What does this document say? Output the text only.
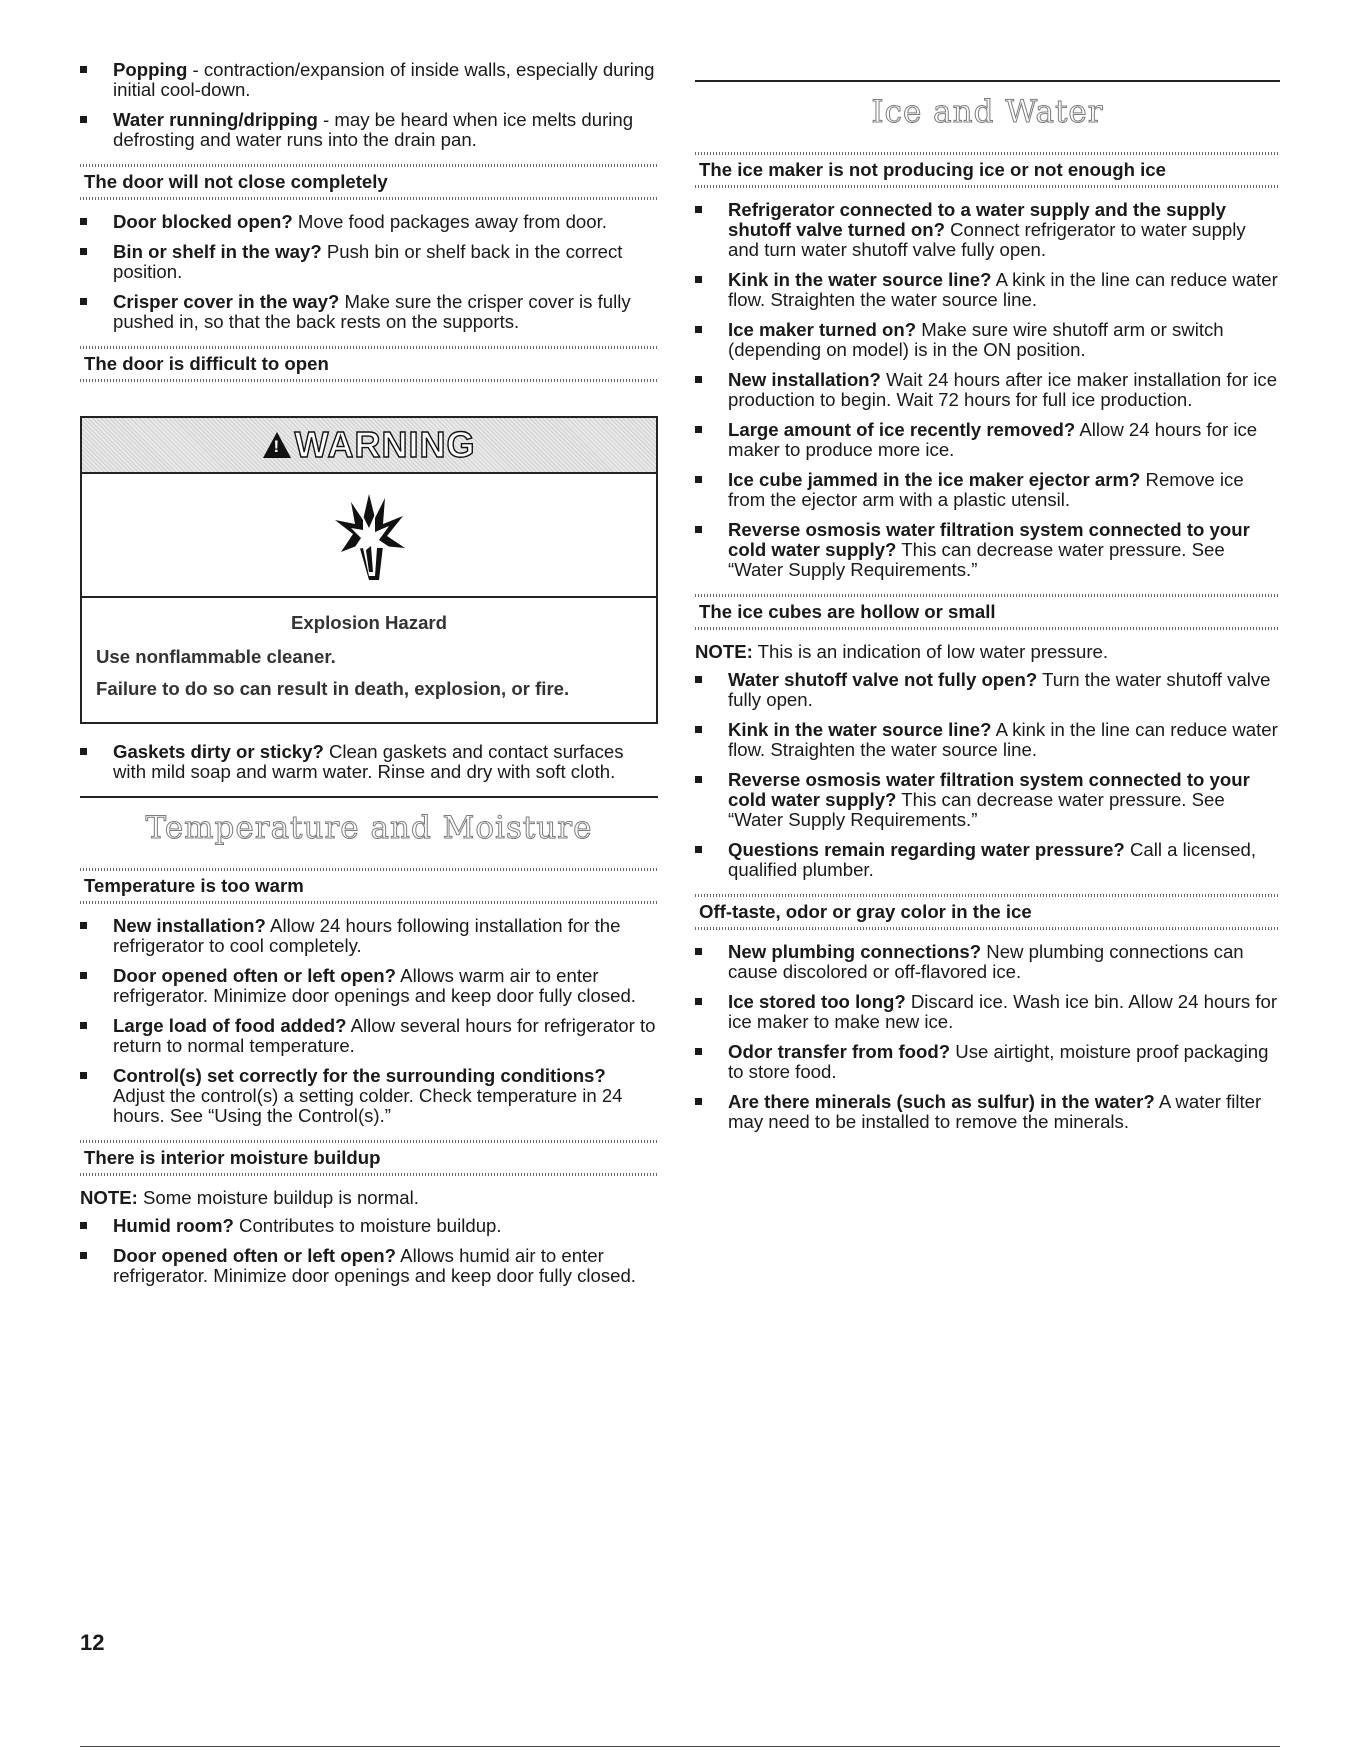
Popping - contraction/expansion of inside walls, especially during initial cool-down.
Water running/dripping - may be heard when ice melts during defrosting and water runs into the drain pan.
The door will not close completely
Door blocked open? Move food packages away from door.
Bin or shelf in the way? Push bin or shelf back in the correct position.
Crisper cover in the way? Make sure the crisper cover is fully pushed in, so that the back rests on the supports.
The door is difficult to open
!
WARNING
Explosion Hazard

Use nonflammable cleaner.

Failure to do so can result in death, explosion, or fire.

Gaskets dirty or sticky? Clean gaskets and contact surfaces with mild soap and warm water. Rinse and dry with soft cloth.
Temperature and Moisture
Temperature is too warm
New installation? Allow 24 hours following installation for the refrigerator to cool completely.
Door opened often or left open? Allows warm air to enter refrigerator. Minimize door openings and keep door fully closed.
Large load of food added? Allow several hours for refrigerator to return to normal temperature.
Control(s) set correctly for the surrounding conditions? Adjust the control(s) a setting colder. Check temperature in 24 hours. See “Using the Control(s).”
There is interior moisture buildup

NOTE: Some moisture buildup is normal.

Humid room? Contributes to moisture buildup.
Door opened often or left open? Allows humid air to enter refrigerator. Minimize door openings and keep door fully closed.
Ice and Water
The ice maker is not producing ice or not enough ice
Refrigerator connected to a water supply and the supply shutoff valve turned on? Connect refrigerator to water supply and turn water shutoff valve fully open.
Kink in the water source line? A kink in the line can reduce water flow. Straighten the water source line.
Ice maker turned on? Make sure wire shutoff arm or switch (depending on model) is in the ON position.
New installation? Wait 24 hours after ice maker installation for ice production to begin. Wait 72 hours for full ice production.
Large amount of ice recently removed? Allow 24 hours for ice maker to produce more ice.
Ice cube jammed in the ice maker ejector arm? Remove ice from the ejector arm with a plastic utensil.
Reverse osmosis water filtration system connected to your cold water supply? This can decrease water pressure. See “Water Supply Requirements.”
The ice cubes are hollow or small

NOTE: This is an indication of low water pressure.

Water shutoff valve not fully open? Turn the water shutoff valve fully open.
Kink in the water source line? A kink in the line can reduce water flow. Straighten the water source line.
Reverse osmosis water filtration system connected to your cold water supply? This can decrease water pressure. See “Water Supply Requirements.”
Questions remain regarding water pressure? Call a licensed, qualified plumber.
Off-taste, odor or gray color in the ice
New plumbing connections? New plumbing connections can cause discolored or off-flavored ice.
Ice stored too long? Discard ice. Wash ice bin. Allow 24 hours for ice maker to make new ice.
Odor transfer from food? Use airtight, moisture proof packaging to store food.
Are there minerals (such as sulfur) in the water? A water filter may need to be installed to remove the minerals.
12
